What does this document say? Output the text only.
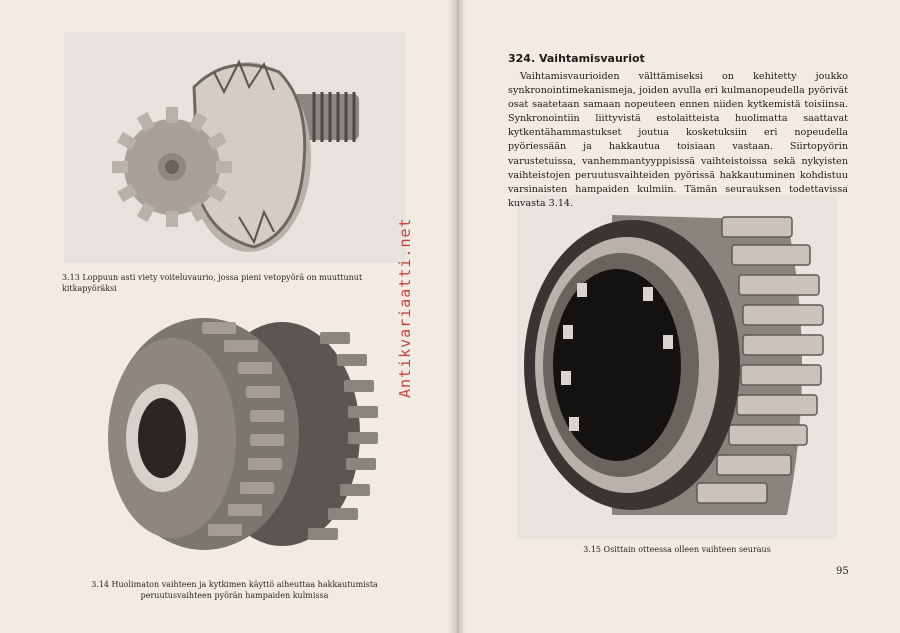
3.13 Loppuun asti viety voiteluvaurio, jossa pieni vetopyörä on muuttunut kitkapyöräksi
3.14 Huolimaton vaihteen ja kytkimen käyttö aiheuttaa hakkautumista peruutusvaihteen pyörän hampaiden kulmissa
Antikvariaatti.net
324. Vaihtamisvauriot

Vaihtamisvaurioiden välttämiseksi on kehitetty joukko synkronointimekanismeja, joiden avulla eri kulmanopeudella pyörivät osat saatetaan samaan nopeuteen ennen niiden kytkemistä toisiinsa. Synkronointiin liittyvistä estolaitteista huolimatta saattavat kytkentähammastukset joutua kosketuksiin eri nopeudella pyöriessään ja hakkautua toisiaan vastaan. Siirtopyörin varustetuissa, vanhemmantyyppisissä vaihteistoissa sekä nykyisten vaihteistojen peruutusvaihteiden pyörissä hakkautuminen kohdistuu varsinaisten hampaiden kulmiin. Tämän seurauksen todettavissa kuvasta 3.14.

3.15 Osittain otteessa olleen vaihteen seuraus
95
